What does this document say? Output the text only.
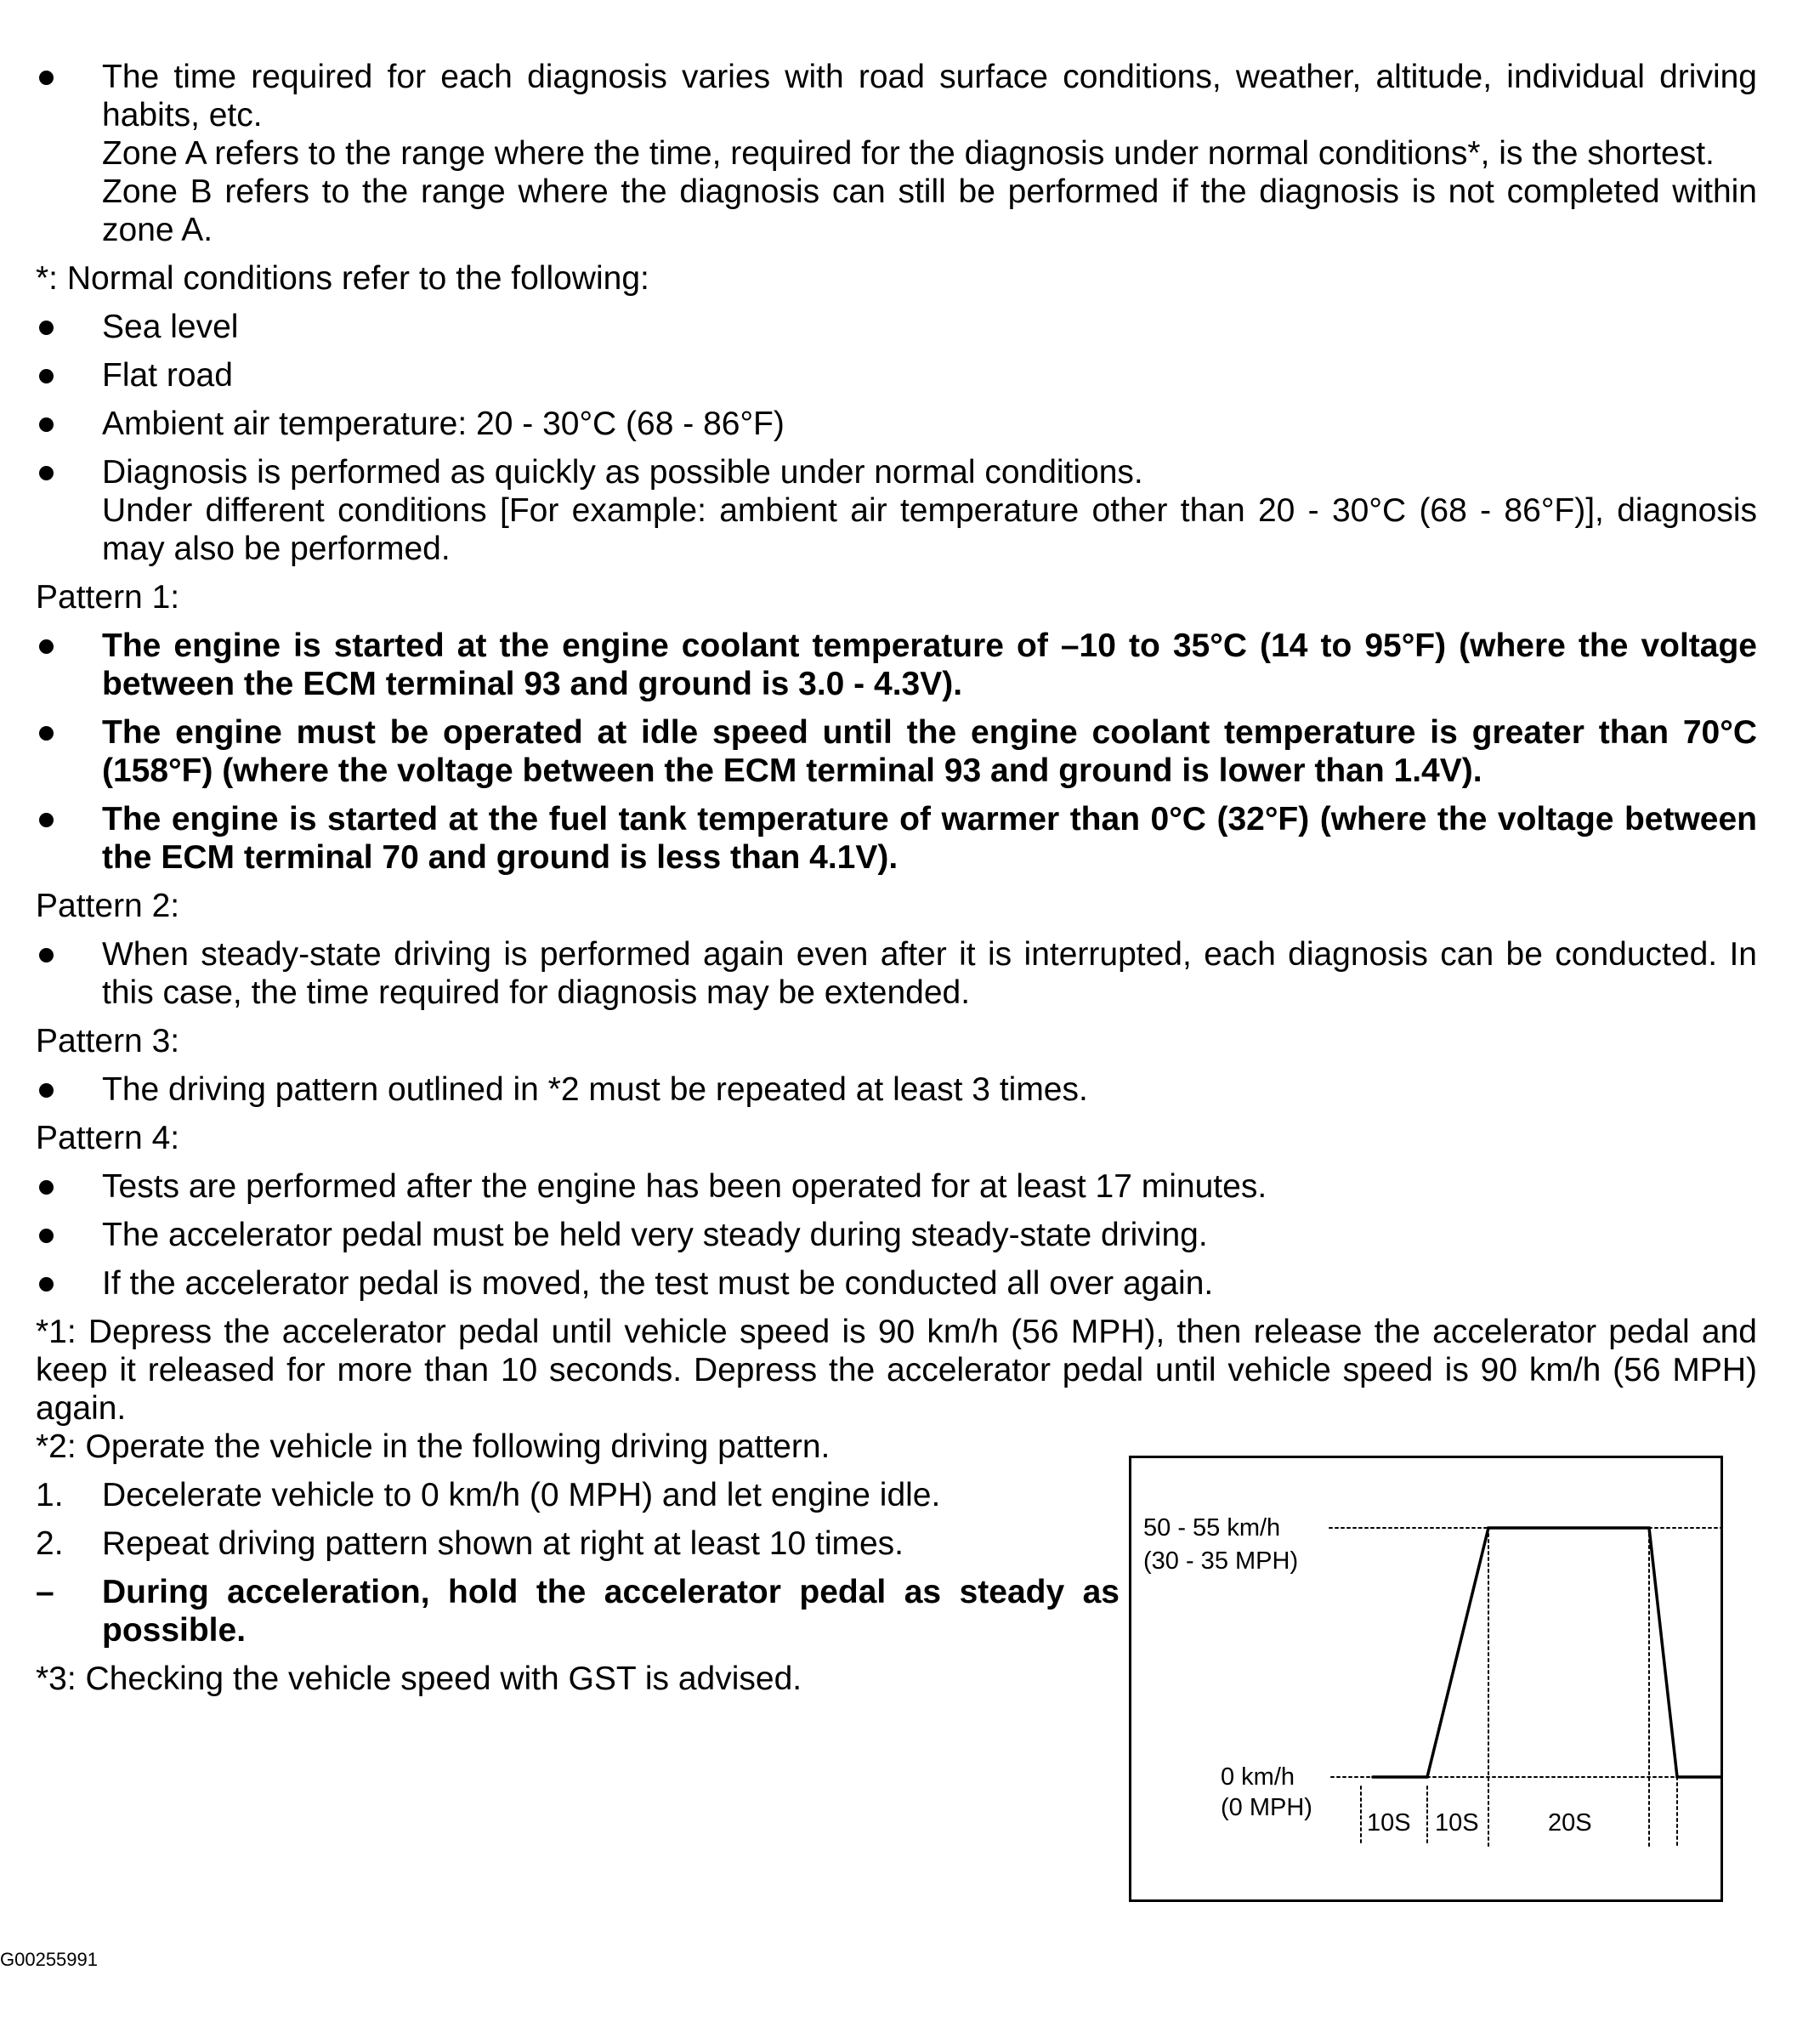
The time required for each diagnosis varies with road surface conditions, weather, altitude, individual driving habits, etc.
Zone A refers to the range where the time, required for the diagnosis under normal conditions*, is the shortest.
Zone B refers to the range where the diagnosis can still be performed if the diagnosis is not completed within zone A.
*: Normal conditions refer to the following:
Sea level
Flat road
Ambient air temperature: 20 - 30°C (68 - 86°F)
Diagnosis is performed as quickly as possible under normal conditions.
Under different conditions [For example: ambient air temperature other than 20 - 30°C (68 - 86°F)], diagnosis may also be performed.
Pattern 1:
The engine is started at the engine coolant temperature of –10 to 35°C (14 to 95°F) (where the voltage between the ECM terminal 93 and ground is 3.0 - 4.3V).
The engine must be operated at idle speed until the engine coolant temperature is greater than 70°C (158°F) (where the voltage between the ECM terminal 93 and ground is lower than 1.4V).
The engine is started at the fuel tank temperature of warmer than 0°C (32°F) (where the voltage between the ECM terminal 70 and ground is less than 4.1V).
Pattern 2:
When steady-state driving is performed again even after it is interrupted, each diagnosis can be conducted. In this case, the time required for diagnosis may be extended.
Pattern 3:
The driving pattern outlined in *2 must be repeated at least 3 times.
Pattern 4:
Tests are performed after the engine has been operated for at least 17 minutes.
The accelerator pedal must be held very steady during steady-state driving.
If the accelerator pedal is moved, the test must be conducted all over again.
*1: Depress the accelerator pedal until vehicle speed is 90 km/h (56 MPH), then release the accelerator pedal and keep it released for more than 10 seconds. Depress the accelerator pedal until vehicle speed is 90 km/h (56 MPH) again.
*2: Operate the vehicle in the following driving pattern.
1. Decelerate vehicle to 0 km/h (0 MPH) and let engine idle.
2. Repeat driving pattern shown at right at least 10 times.
– During acceleration, hold the accelerator pedal as steady as possible.
*3: Checking the vehicle speed with GST is advised.
50 - 55 km/h
(30 - 35 MPH)
0 km/h
(0 MPH)
10S 10S	20S
G00255991
